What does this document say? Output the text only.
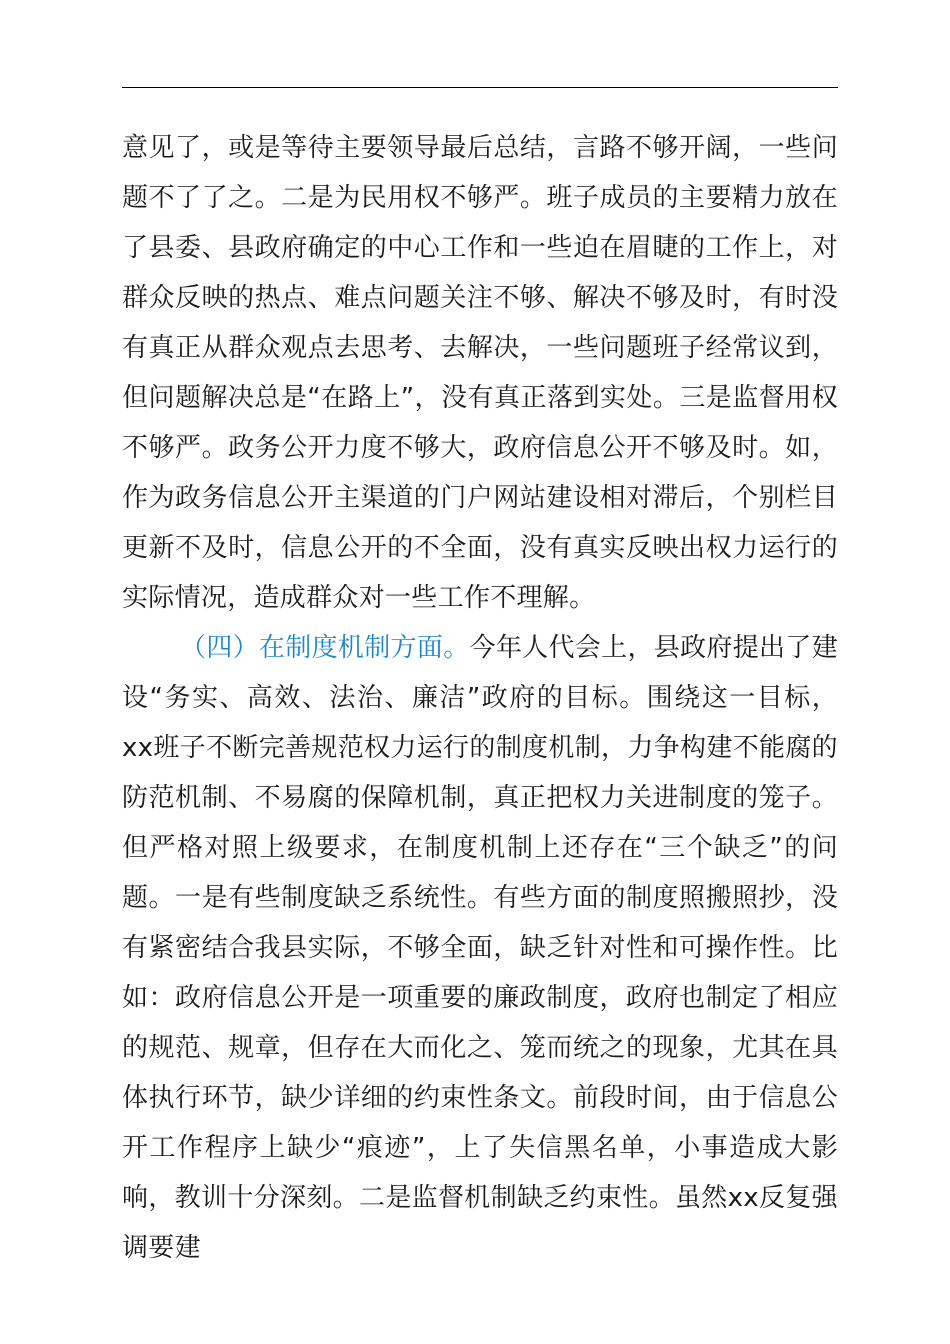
意见了，或是等待主要领导最后总结，言路不够开阔，一些问题不了了之。二是为民用权不够严。班子成员的主要精力放在了县委、县政府确定的中心工作和一些迫在眉睫的工作上，对群众反映的热点、难点问题关注不够、解决不够及时，有时没有真正从群众观点去思考、去解决，一些问题班子经常议到，但问题解决总是“在路上”，没有真正落到实处。三是监督用权不够严。政务公开力度不够大，政府信息公开不够及时。如，作为政务信息公开主渠道的门户网站建设相对滞后，个别栏目更新不及时，信息公开的不全面，没有真实反映出权力运行的实际情况，造成群众对一些工作不理解。

（四）在制度机制方面。今年人代会上，县政府提出了建设“务实、高效、法治、廉洁”政府的目标。围绕这一目标，xx班子不断完善规范权力运行的制度机制，力争构建不能腐的防范机制、不易腐的保障机制，真正把权力关进制度的笼子。但严格对照上级要求，在制度机制上还存在“三个缺乏”的问题。一是有些制度缺乏系统性。有些方面的制度照搬照抄，没有紧密结合我县实际，不够全面，缺乏针对性和可操作性。比如：政府信息公开是一项重要的廉政制度，政府也制定了相应的规范、规章，但存在大而化之、笼而统之的现象，尤其在具体执行环节，缺少详细的约束性条文。前段时间，由于信息公开工作程序上缺少“痕迹”，上了失信黑名单，小事造成大影响，教训十分深刻。二是监督机制缺乏约束性。虽然xx反复强调要建
